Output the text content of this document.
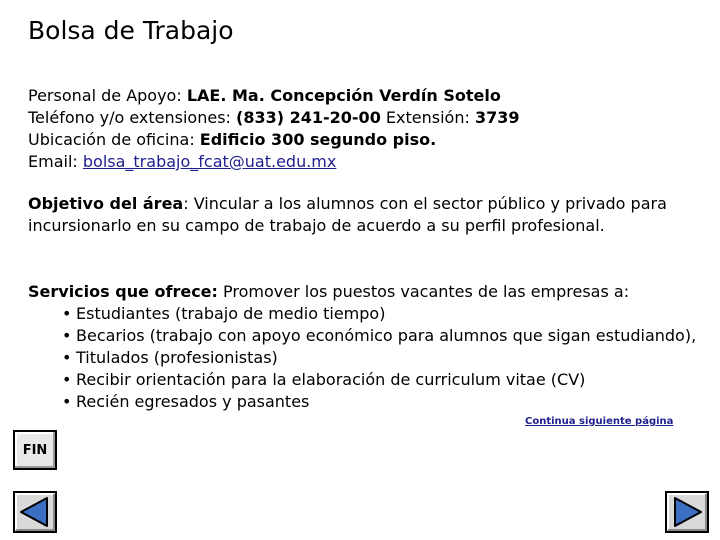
Bolsa de Trabajo
Personal de Apoyo: LAE. Ma. Concepción Verdín Sotelo
Teléfono y/o extensiones: (833) 241-20-00 Extensión: 3739
Ubicación de oficina: Edificio 300 segundo piso.
Email: bolsa_trabajo_fcat@uat.edu.mx
Objetivo del área: Vincular a los alumnos con el sector público y privado para incursionarlo en su campo de trabajo de acuerdo a su perfil profesional.
Servicios que ofrece: Promover los puestos vacantes de las empresas a:
• Estudiantes (trabajo de medio tiempo)
• Becarios (trabajo con apoyo económico para alumnos que sigan estudiando),
• Titulados (profesionistas)
• Recibir orientación para la elaboración de curriculum vitae (CV)
• Recién egresados y pasantes
Continua siguiente página
FIN
